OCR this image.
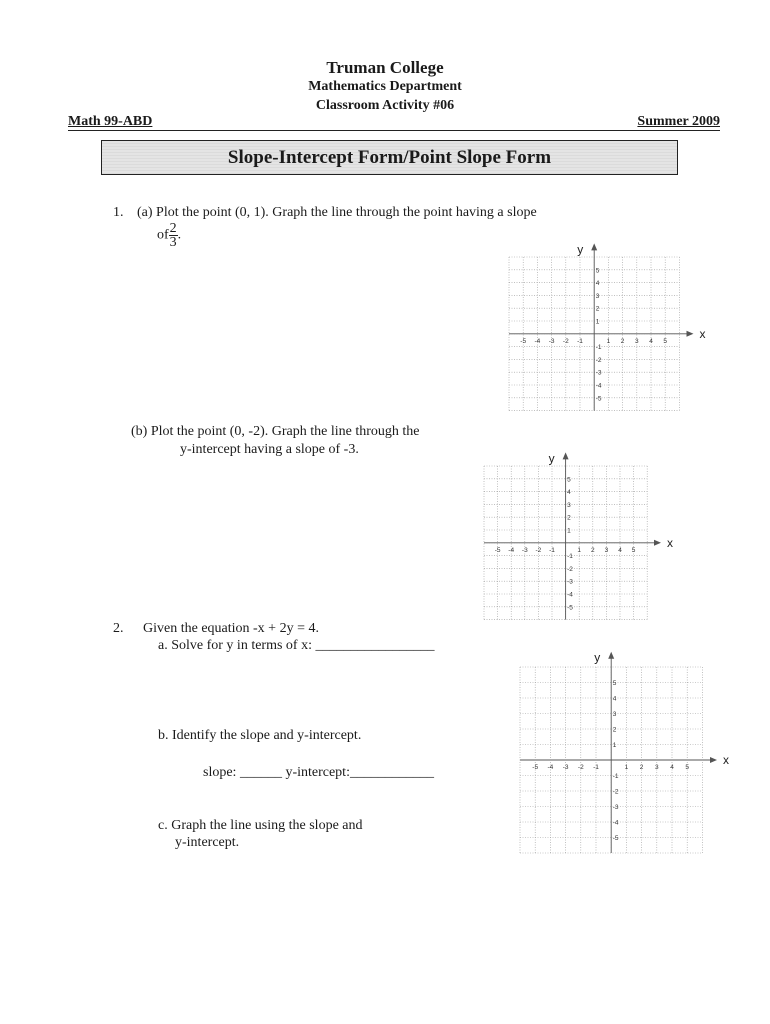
Truman College
Mathematics Department
Classroom Activity #06
Math 99-ABD	Summer 2009
Slope-Intercept Form/Point Slope Form
1. (a) Plot the point (0, 1). Graph the line through the point having a slope
of $\frac{2}{3}$ .
(b) Plot the point (0, -2). Graph the line through the
y-intercept having a slope of -3.
2. Given the equation -x + 2y = 4.
a. Solve for y in terms of x: _________________
b. Identify the slope and y-intercept.
slope: ______ y-intercept:____________
c. Graph the line using the slope and
y-intercept.
x
y
-5 -4 -3 -2 -1	1 2 3 4 5
5
4
3
2
1
-1
-2
-3
-4
-5
x
y
-5 -4 -3 -2 -1	1 2 3 4 5
5
4
3
2
1
-1
-2
-3
-4
-5
x
y
-5 -4 -3 -2 -1	1 2 3 4 5
5
4
3
2
1
-1
-2
-3
-4
-5
